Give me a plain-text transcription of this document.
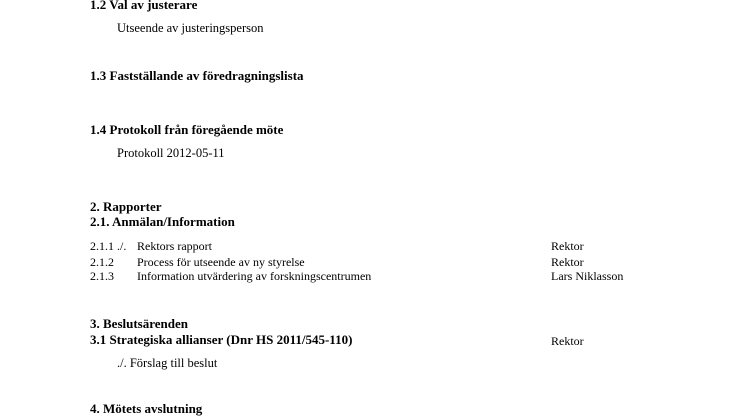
1.2 Val av justerare
Utseende av justeringsperson
1.3 Fastställande av föredragningslista
1.4 Protokoll från föregående möte
Protokoll 2012-05-11
2. Rapporter
2.1. Anmälan/Information
2.1.1 ./. Rektors rapport	Rektor
2.1.2 Process för utseende av ny styrelse	Rektor
2.1.3 Information utvärdering av forskningscentrumen	Lars Niklasson
3. Beslutsärenden
3.1 Strategiska allianser (Dnr HS 2011/545-110)	Rektor
./. Förslag till beslut
4. Mötets avslutning
